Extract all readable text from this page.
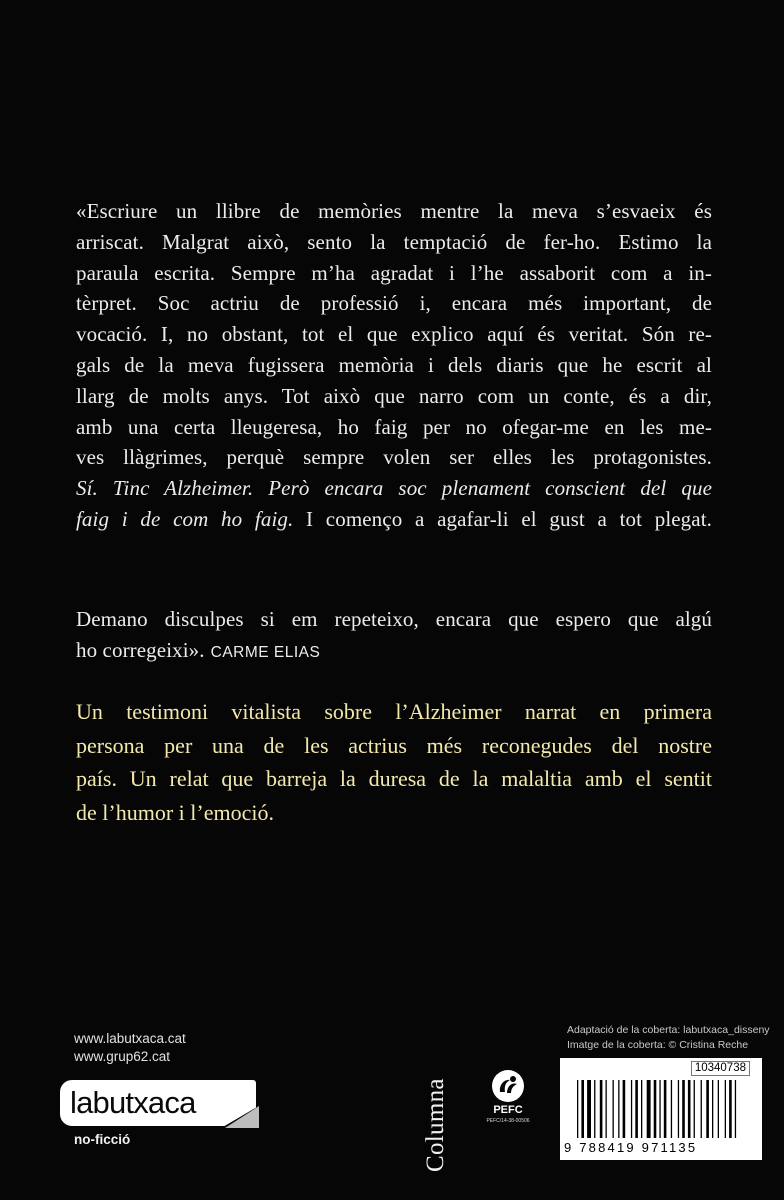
«Escriure un llibre de memòries mentre la meva s’esvaeix és
arriscat. Malgrat això, sento la temptació de fer-ho. Estimo la
paraula escrita. Sempre m’ha agradat i l’he assaborit com a in-
tèrpret. Soc actriu de professió i, encara més important, de
vocació. I, no obstant, tot el que explico aquí és veritat. Són re-
gals de la meva fugissera memòria i dels diaris que he escrit al
llarg de molts anys. Tot això que narro com un conte, és a dir,
amb una certa lleugeresa, ho faig per no ofegar-me en les me-
ves llàgrimes, perquè sempre volen ser elles les protagonistes.
Sí. Tinc Alzheimer. Però encara soc plenament conscient del que
faig i de com ho faig. I començo a agafar-li el gust a tot plegat.
Demano disculpes si em repeteixo, encara que espero que algú
ho corregeixi». CARME ELIAS
Un testimoni vitalista sobre l’Alzheimer narrat en primera
persona per una de les actrius més reconegudes del nostre
país. Un relat que barreja la duresa de la malaltia amb el sentit
de l’humor i l’emoció.
www.labutxaca.cat
www.grup62.cat
labutxaca
no-ficció	Columna	PEFC
PEFC/14-38-00506
Adaptació de la coberta: labutxaca_disseny
Imatge de la coberta: © Cristina Reche
10340738
9 788419 971135
